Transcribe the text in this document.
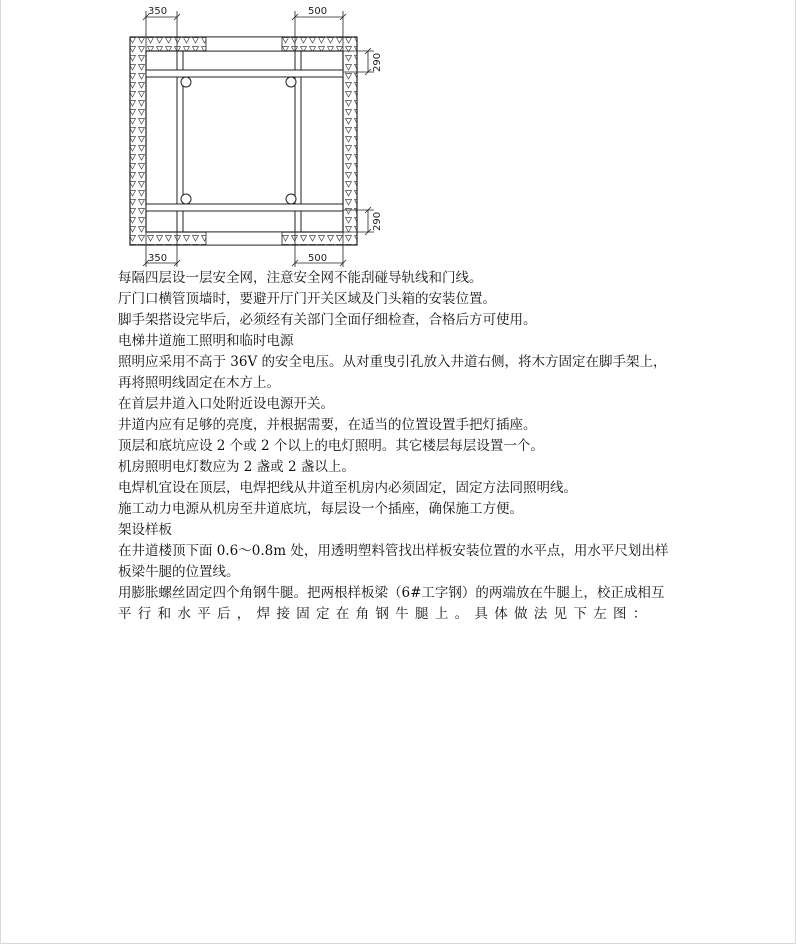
350	500
350	500
290
290

每隔四层设一层安全网，注意安全网不能刮碰导轨线和门线。

厅门口横管顶墙时，要避开厅门开关区域及门头箱的安装位置。

脚手架搭设完毕后，必须经有关部门全面仔细检查，合格后方可使用。

电梯井道施工照明和临时电源

照明应采用不高于 36V 的安全电压。从对重曳引孔放入井道右侧，将木方固定在脚手架上，再将照明线固定在木方上。

在首层井道入口处附近设电源开关。

井道内应有足够的亮度，并根据需要，在适当的位置设置手把灯插座。

顶层和底坑应设 2 个或 2 个以上的电灯照明。其它楼层每层设置一个。

机房照明电灯数应为 2 盏或 2 盏以上。

电焊机宜设在顶层，电焊把线从井道至机房内必须固定，固定方法同照明线。

施工动力电源从机房至井道底坑，每层设一个插座，确保施工方便。

架设样板

在井道楼顶下面 0.6～0.8m 处，用透明塑料管找出样板安装位置的水平点，用水平尺划出样板梁牛腿的位置线。

用膨胀螺丝固定四个角钢牛腿。把两根样板梁（6#工字钢）的两端放在牛腿上，校正成相互

平行和水平后，焊接固定在角钢牛腿上。具体做法见下左图：
